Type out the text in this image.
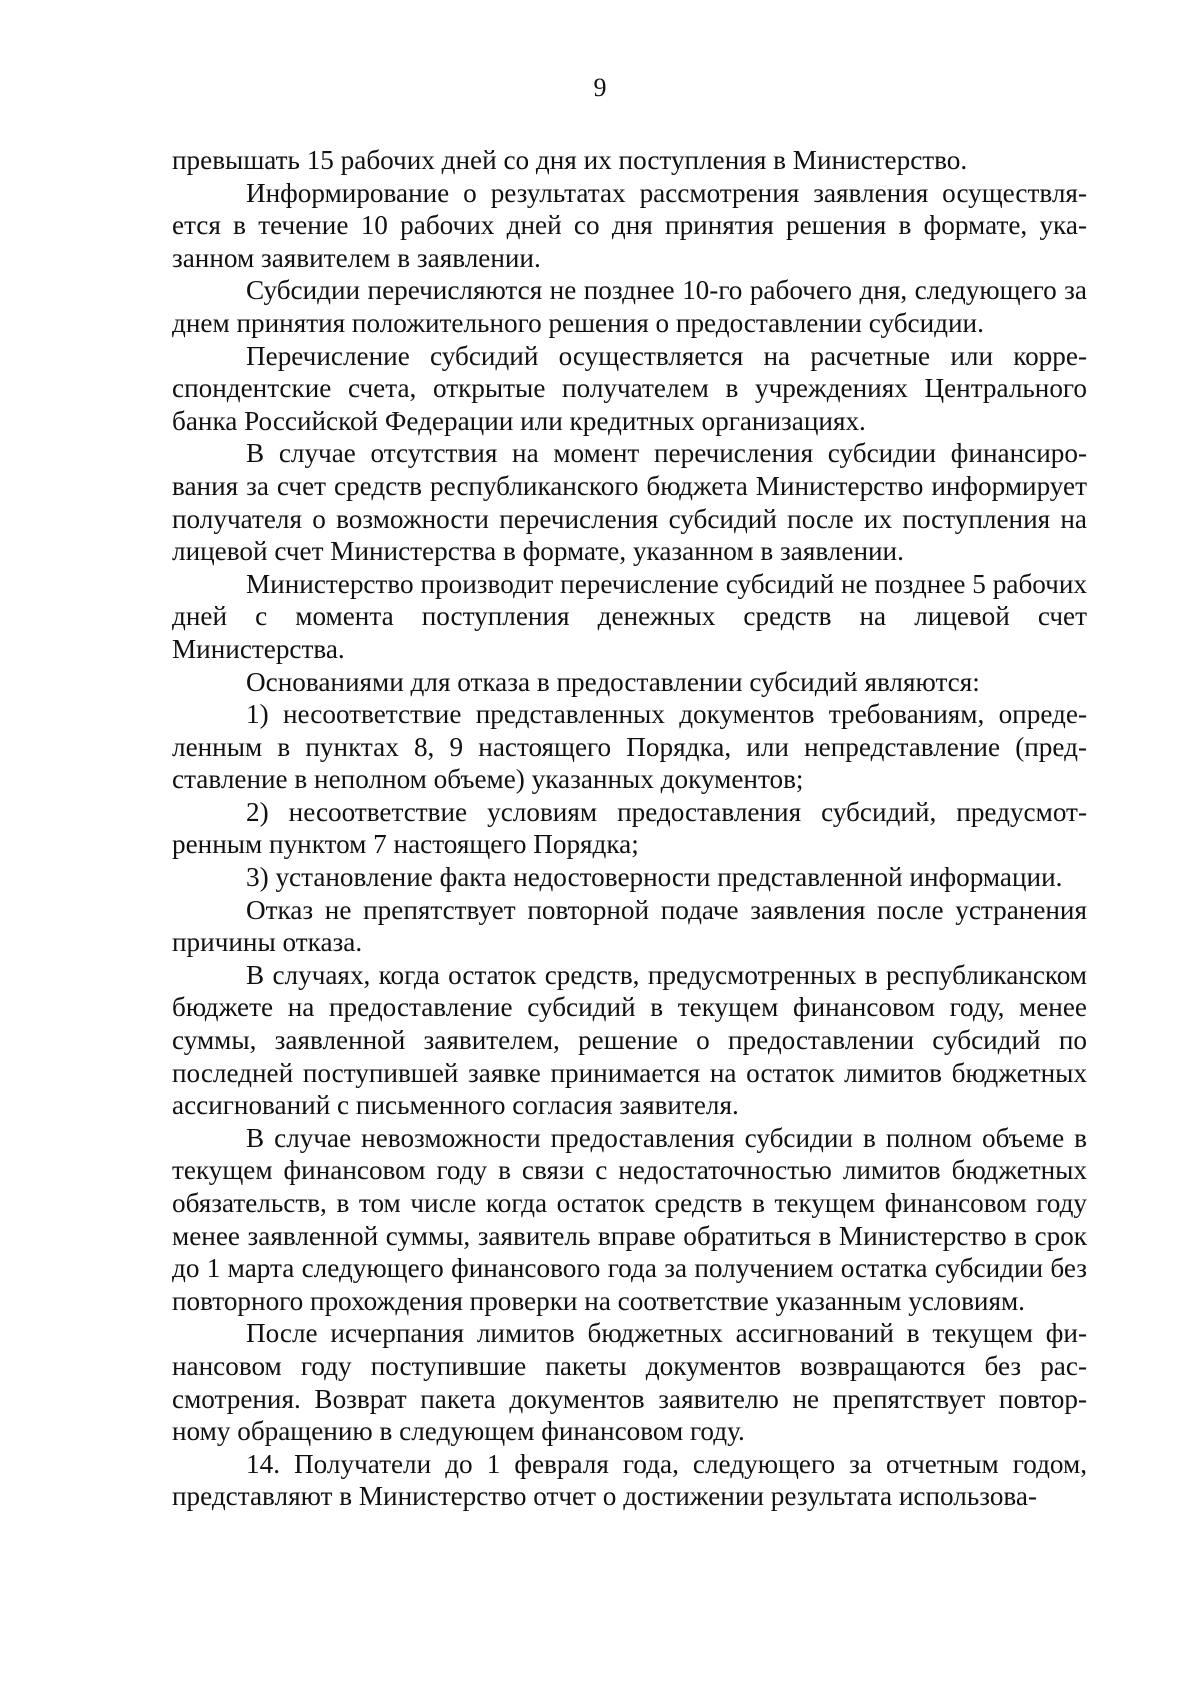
9

превышать 15 рабочих дней со дня их поступления в Министерство.

Информирование о результатах рассмотрения заявления осуществляется в течение 10 рабочих дней со дня принятия решения в формате, указанном заявителем в заявлении.

Субсидии перечисляются не позднее 10-го рабочего дня, следующего за днем принятия положительного решения о предоставлении субсидии.

Перечисление субсидий осуществляется на расчетные или корреспондентские счета, открытые получателем в учреждениях Центрального банка Российской Федерации или кредитных организациях.

В случае отсутствия на момент перечисления субсидии финансирования за счет средств республиканского бюджета Министерство информирует получателя о возможности перечисления субсидий после их поступления на лицевой счет Министерства в формате, указанном в заявлении.

Министерство производит перечисление субсидий не позднее 5 рабочих дней с момента поступления денежных средств на лицевой счет Министерства.

Основаниями для отказа в предоставлении субсидий являются:

1) несоответствие представленных документов требованиям, определенным в пунктах 8, 9 настоящего Порядка, или непредставление (представление в неполном объеме) указанных документов;

2) несоответствие условиям предоставления субсидий, предусмотренным пунктом 7 настоящего Порядка;

3) установление факта недостоверности представленной информации.

Отказ не препятствует повторной подаче заявления после устранения причины отказа.

В случаях, когда остаток средств, предусмотренных в республиканском бюджете на предоставление субсидий в текущем финансовом году, менее суммы, заявленной заявителем, решение о предоставлении субсидий по последней поступившей заявке принимается на остаток лимитов бюджетных ассигнований с письменного согласия заявителя.

В случае невозможности предоставления субсидии в полном объеме в текущем финансовом году в связи с недостаточностью лимитов бюджетных обязательств, в том числе когда остаток средств в текущем финансовом году менее заявленной суммы, заявитель вправе обратиться в Министерство в срок до 1 марта следующего финансового года за получением остатка субсидии без повторного прохождения проверки на соответствие указанным условиям.

После исчерпания лимитов бюджетных ассигнований в текущем финансовом году поступившие пакеты документов возвращаются без рассмотрения. Возврат пакета документов заявителю не препятствует повторному обращению в следующем финансовом году.

14. Получатели до 1 февраля года, следующего за отчетным годом, представляют в Министерство отчет о достижении результата использова-
